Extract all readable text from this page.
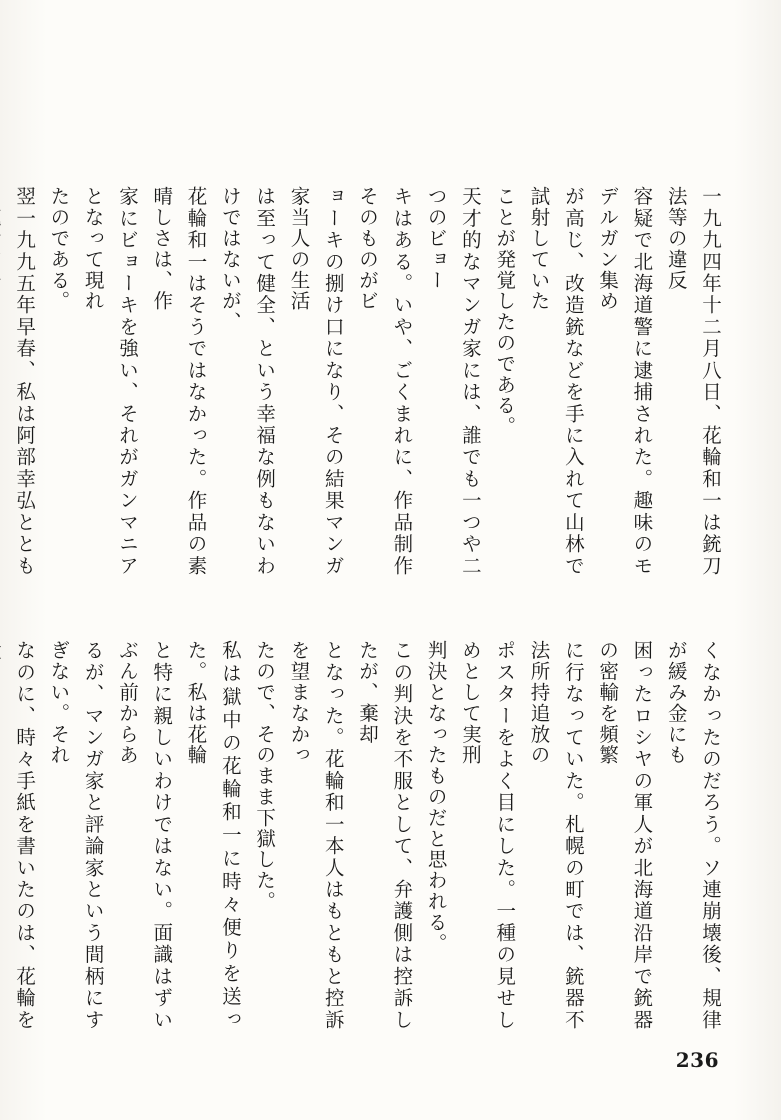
一九九四年十二月八日、花輪和一は銃刀法等の違反

容疑で北海道警に逮捕された。趣味のモデルガン集め

が高じ、改造銃などを手に入れて山林で試射していた

ことが発覚したのである。

天才的なマンガ家には、誰でも一つや二つのビョー

キはある。いや、ごくまれに、作品制作そのものがビ

ョーキの捌け口になり、その結果マンガ家当人の生活

は至って健全、という幸福な例もないわけではないが、

花輪和一はそうではなかった。作品の素晴しさは、作

家にビョーキを強い、それがガンマニアとなって現れ

たのである。

翌一九九五年早春、私は阿部幸弘ととも

くなかったのだろう。ソ連崩壊後、規律が緩み金にも

困ったロシヤの軍人が北海道沿岸で銃器の密輸を頻繁

に行なっていた。札幌の町では、銃器不法所持追放の

ポスターをよく目にした。一種の見せしめとして実刑

判決となったものだと思われる。

この判決を不服として、弁護側は控訴したが、棄却

となった。花輪和一本人はもともと控訴を望まなかっ

たので、そのまま下獄した。

私は獄中の花輪和一に時々便りを送った。私は花輪

と特に親しいわけではない。面識はずいぶん前からあ

るが、マンガ家と評論家という間柄にすぎない。それ

なのに、時々手紙を書いたのは、花輪を

236
